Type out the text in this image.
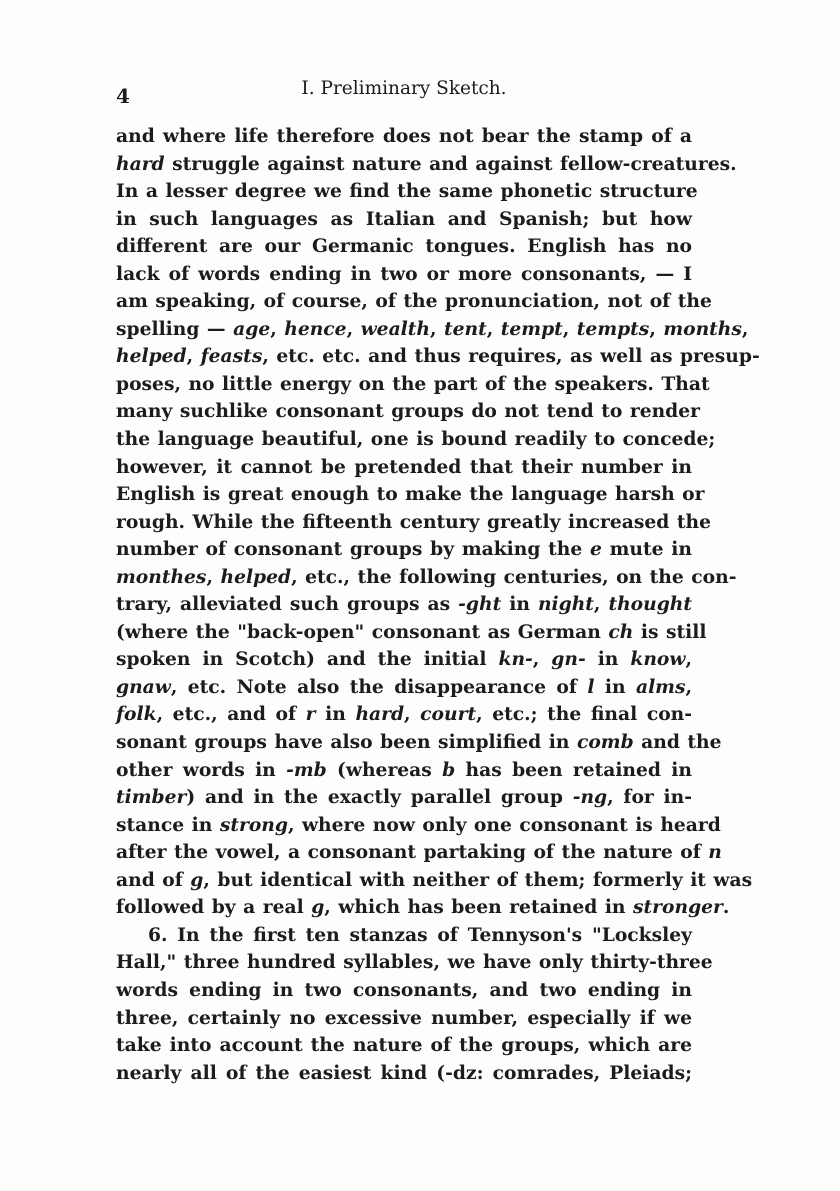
4	I. Preliminary Sketch.
and where life therefore does not bear the stamp of a
hard struggle against nature and against fellow-creatures.
In a lesser degree we find the same phonetic structure
in such languages as Italian and Spanish; but how
different are our Germanic tongues. English has no
lack of words ending in two or more consonants, — I
am speaking, of course, of the pronunciation, not of the
spelling — age, hence, wealth, tent, tempt, tempts, months,
helped, feasts, etc. etc. and thus requires, as well as presup-
poses, no little energy on the part of the speakers. That
many suchlike consonant groups do not tend to render
the language beautiful, one is bound readily to concede;
however, it cannot be pretended that their number in
English is great enough to make the language harsh or
rough. While the fifteenth century greatly increased the
number of consonant groups by making the e mute in
monthes, helped, etc., the following centuries, on the con-
trary, alleviated such groups as -ght in night, thought
(where the "back-open" consonant as German ch is still
spoken in Scotch) and the initial kn-, gn- in know,
gnaw, etc. Note also the disappearance of l in alms,
folk, etc., and of r in hard, court, etc.; the final con-
sonant groups have also been simplified in comb and the
other words in -mb (whereas b has been retained in
timber) and in the exactly parallel group -ng, for in-
stance in strong, where now only one consonant is heard
after the vowel, a consonant partaking of the nature of n
and of g, but identical with neither of them; formerly it was
followed by a real g, which has been retained in stronger.
6. In the first ten stanzas of Tennyson's "Locksley
Hall," three hundred syllables, we have only thirty-three
words ending in two consonants, and two ending in
three, certainly no excessive number, especially if we
take into account the nature of the groups, which are
nearly all of the easiest kind (-dz: comrades, Pleiads;
